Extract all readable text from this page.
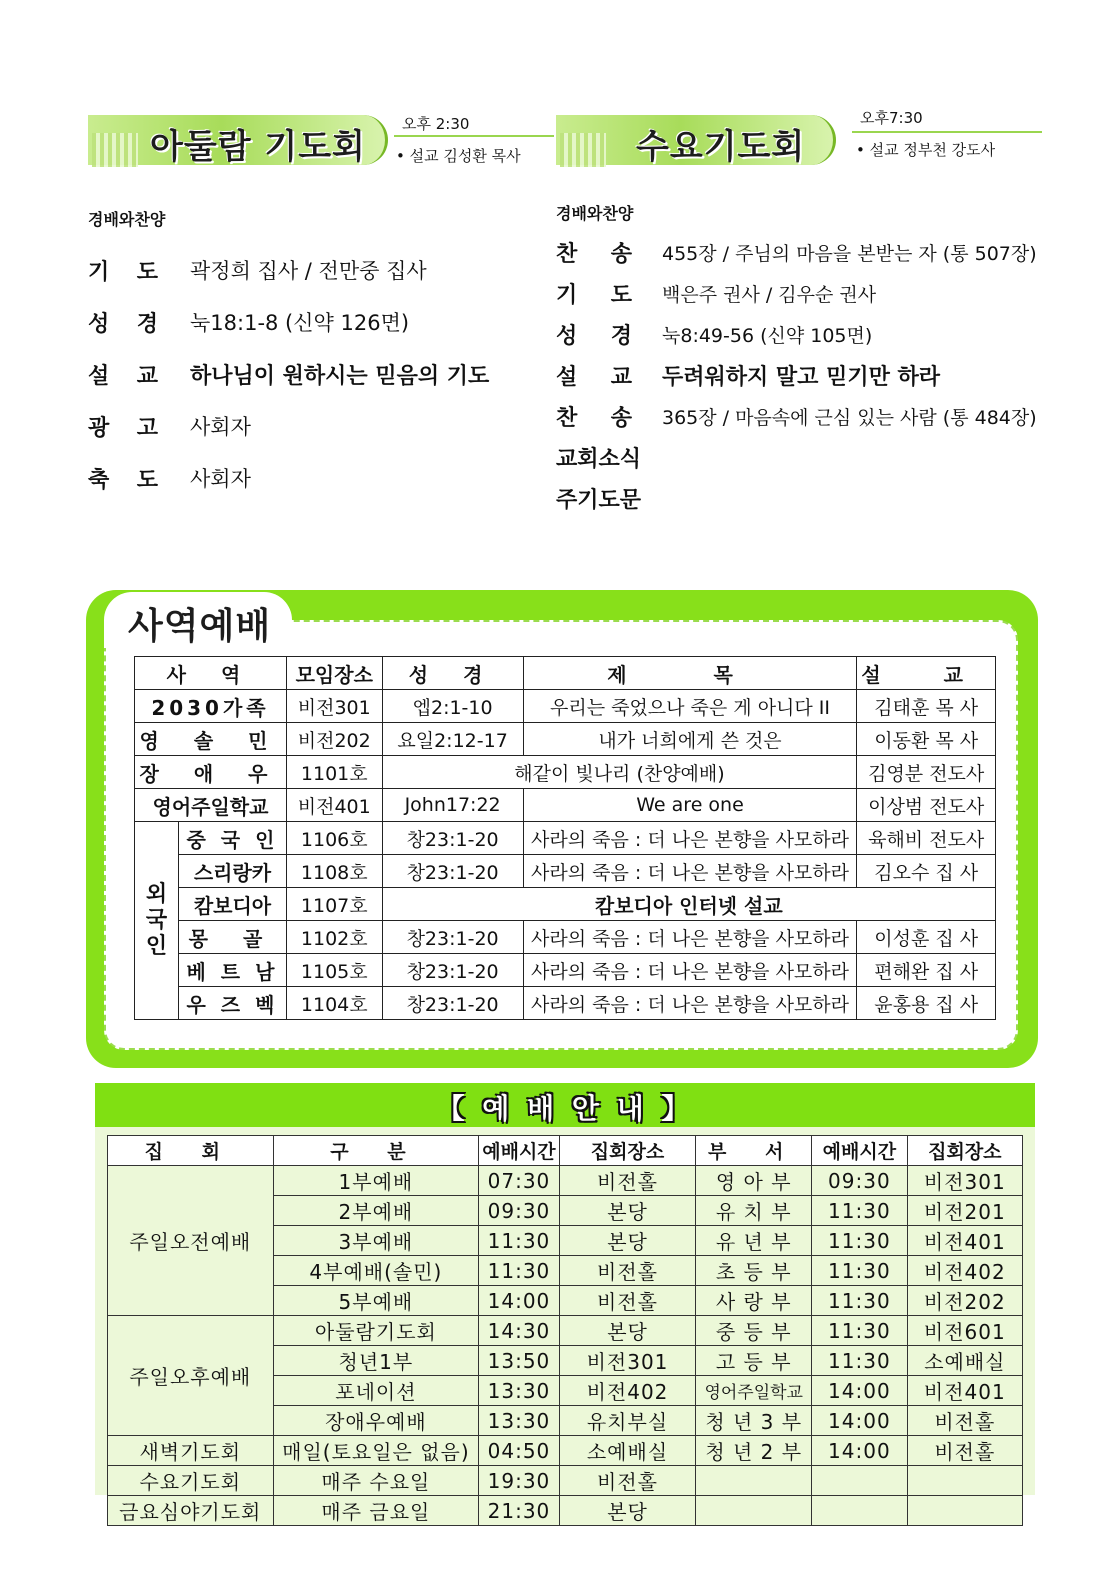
아둘람 기도회
오후 2:30
• 설교 김성환 목사
경배와찬양
기 도 곽정희 집사 / 전만중 집사
성 경 눅18:1-8 (신약 126면)
설 교 하나님이 원하시는 믿음의 기도
광 고 사회자
축 도 사회자
수요기도회
오후7:30
• 설교 정부천 강도사
경배와찬양
찬 송 455장 / 주님의 마음을 본받는 자 (통 507장)
기 도 백은주 권사 / 김우순 권사
성 경 눅8:49-56 (신약 105면)
설 교 두려워하지 말고 믿기만 하라
찬 송 365장 / 마음속에 근심 있는 사람 (통 484장)
교회소식
주기도문
사역예배
사 역		모임장소	성 경	제 목	설 교
2030가족		비전301	엡2:1-10	우리는 죽었으나 죽은 게 아니다 II	김태훈 목 사
영 솔 민		비전202	요일2:12-17	내가 너희에게 쓴 것은	이동환 목 사
장 애 우		1101호	해같이 빛나리 (찬양예배)		김영분 전도사
영어주일학교		비전401	John17:22	We are one	이상범 전도사
외
국
인	중 국 인	1106호	창23:1-20	사라의 죽음 : 더 나은 본향을 사모하라	육해비 전도사
	스리랑카	1108호	창23:1-20	사라의 죽음 : 더 나은 본향을 사모하라	김오수 집 사
	캄보디아	1107호	캄보디아 인터넷 설교		
	몽 골	1102호	창23:1-20	사라의 죽음 : 더 나은 본향을 사모하라	이성훈 집 사
	베 트 남	1105호	창23:1-20	사라의 죽음 : 더 나은 본향을 사모하라	편해완 집 사
	우 즈 벡	1104호	창23:1-20	사라의 죽음 : 더 나은 본향을 사모하라	윤홍용 집 사
【 예 배 안 내 】
집 회	구 분	예배시간	집회장소	부 서	예배시간	집회장소
주일오전예배	1부예배	07:30	비전홀	영 아 부	09:30	비전301
	2부예배	09:30	본당	유 치 부	11:30	비전201
	3부예배	11:30	본당	유 년 부	11:30	비전401
	4부예배(솔민)	11:30	비전홀	초 등 부	11:30	비전402
	5부예배	14:00	비전홀	사 랑 부	11:30	비전202
주일오후예배	아둘람기도회	14:30	본당	중 등 부	11:30	비전601
	청년1부	13:50	비전301	고 등 부	11:30	소예배실
	포네이션	13:30	비전402	영어주일학교	14:00	비전401
	장애우예배	13:30	유치부실	청 년 3 부	14:00	비전홀
새벽기도회	매일(토요일은 없음)	04:50	소예배실	청 년 2 부	14:00	비전홀
수요기도회	매주 수요일	19:30	비전홀			
금요심야기도회	매주 금요일	21:30	본당			
